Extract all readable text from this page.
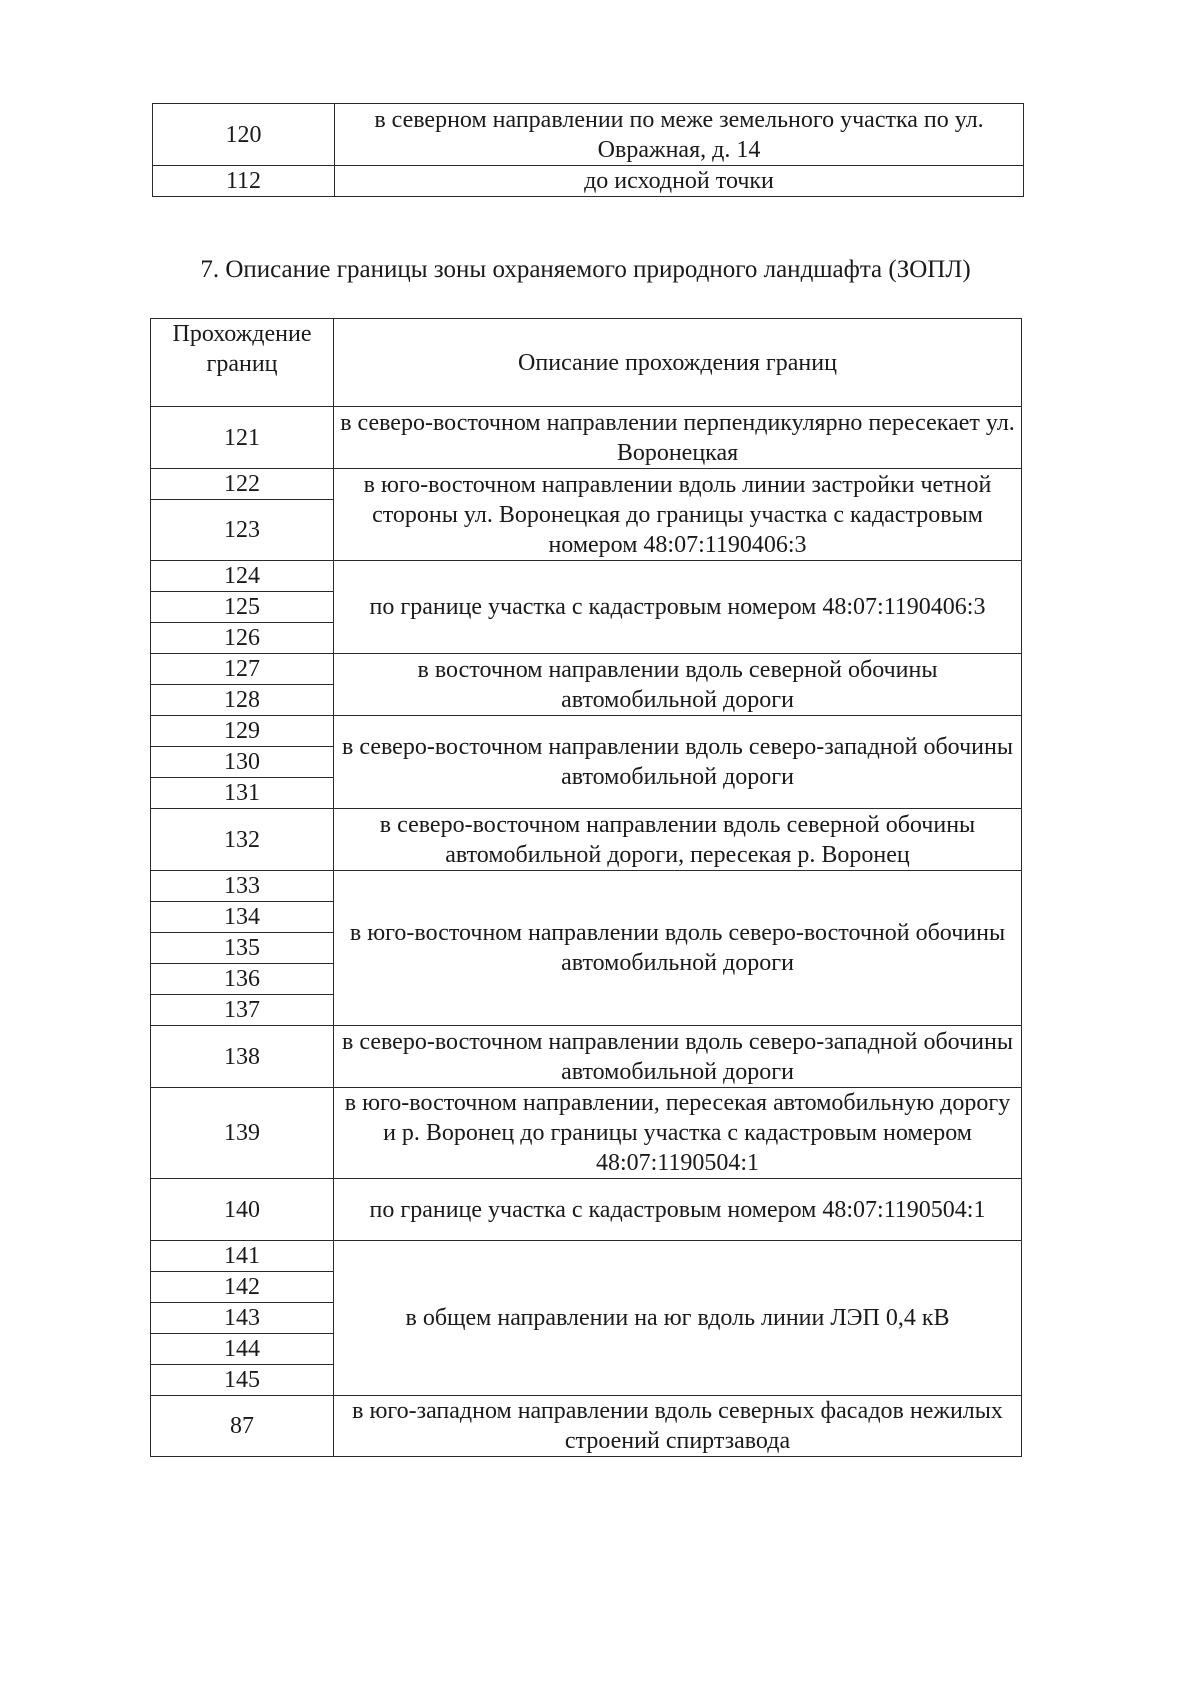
120	в северном направлении по меже земельного участка по ул. Овражная, д. 14
112	до исходной точки
7. Описание границы зоны охраняемого природного ландшафта (ЗОПЛ)
Прохождение границ	Описание прохождения границ
121	в северо-восточном направлении перпендикулярно пересекает ул. Воронецкая
122	в юго-восточном направлении вдоль линии застройки четной стороны ул. Воронецкая до границы участка с кадастровым номером 48:07:1190406:3
123	
124	по границе участка с кадастровым номером 48:07:1190406:3
125	
126	
127	в восточном направлении вдоль северной обочины автомобильной дороги
128	
129	в северо-восточном направлении вдоль северо-западной обочины автомобильной дороги
130	
131	
132	в северо-восточном направлении вдоль северной обочины автомобильной дороги, пересекая р. Воронец
133	в юго-восточном направлении вдоль северо-восточной обочины автомобильной дороги
134	
135	
136	
137	
138	в северо-восточном направлении вдоль северо-западной обочины автомобильной дороги
139	в юго-восточном направлении, пересекая автомобильную дорогу и р. Воронец до границы участка с кадастровым номером 48:07:1190504:1
140	по границе участка с кадастровым номером 48:07:1190504:1
141	в общем направлении на юг вдоль линии ЛЭП 0,4 кВ
142	
143	
144	
145	
87	в юго-западном направлении вдоль северных фасадов нежилых строений спиртзавода
